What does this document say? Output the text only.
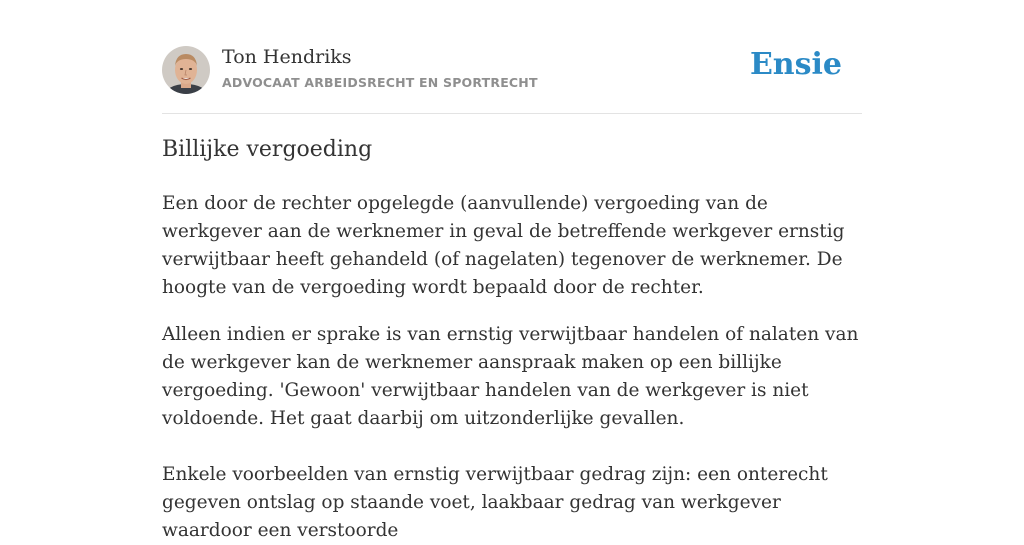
Ton Hendriks
ADVOCAAT ARBEIDSRECHT EN SPORTRECHT
Ensie
Billijke vergoeding

Een door de rechter opgelegde (aanvullende) vergoeding van de werkgever aan de werknemer in geval de betreffende werkgever ernstig verwijtbaar heeft gehandeld (of nagelaten) tegenover de werknemer. De hoogte van de vergoeding wordt bepaald door de rechter.

Alleen indien er sprake is van ernstig verwijtbaar handelen of nalaten van de werkgever kan de werknemer aanspraak maken op een billijke vergoeding. 'Gewoon' verwijtbaar handelen van de werkgever is niet voldoende. Het gaat daarbij om uitzonderlijke gevallen.

Enkele voorbeelden van ernstig verwijtbaar gedrag zijn: een onterecht gegeven ontslag op staande voet, laakbaar gedrag van werkgever waardoor een verstoorde
